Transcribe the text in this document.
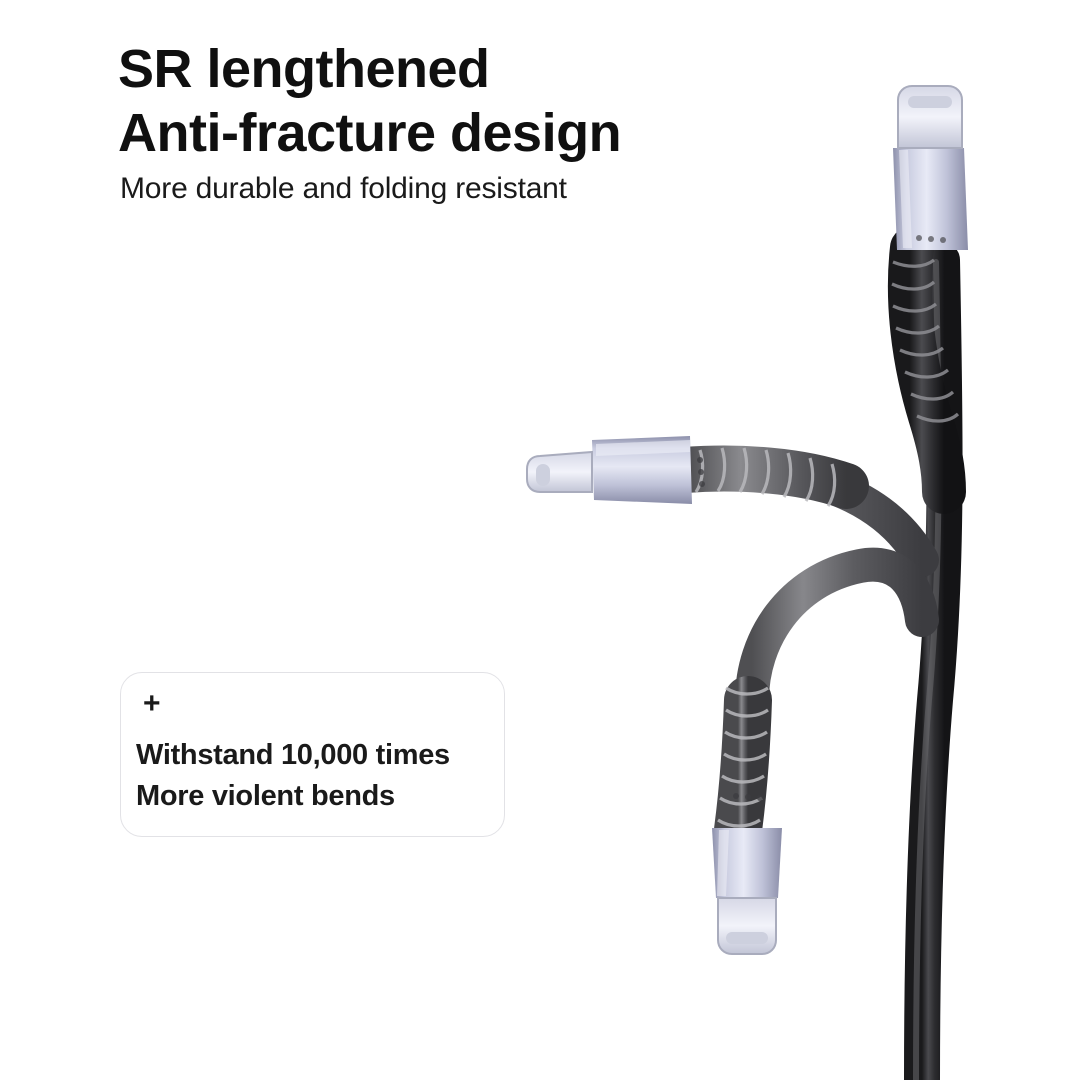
SR lengthened
Anti-fracture design
More durable and folding resistant
+
Withstand 10,000 times
More violent bends
